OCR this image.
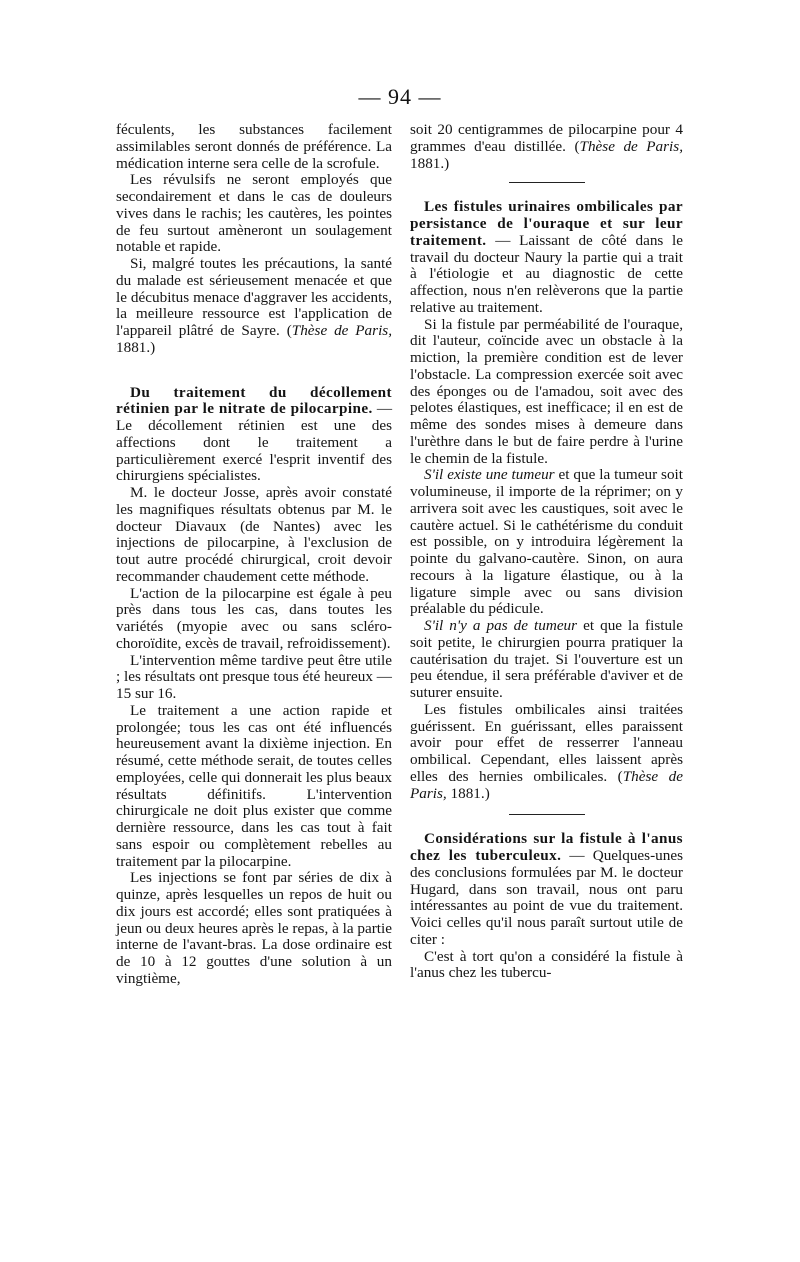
— 94 —

féculents, les substances facilement assimilables seront donnés de préférence. La médication interne sera celle de la scrofule.

Les révulsifs ne seront employés que secondairement et dans le cas de douleurs vives dans le rachis; les cautères, les pointes de feu surtout amèneront un soulagement notable et rapide.

Si, malgré toutes les précautions, la santé du malade est sérieusement menacée et que le décubitus menace d'aggraver les accidents, la meilleure ressource est l'application de l'appareil plâtré de Sayre. (Thèse de Paris, 1881.)

Du traitement du décollement rétinien par le nitrate de pilocarpine. — Le décollement rétinien est une des affections dont le traitement a particulièrement exercé l'esprit inventif des chirurgiens spécialistes.

M. le docteur Josse, après avoir constaté les magnifiques résultats obtenus par M. le docteur Diavaux (de Nantes) avec les injections de pilocarpine, à l'exclusion de tout autre procédé chirurgical, croit devoir recommander chaudement cette méthode.

L'action de la pilocarpine est égale à peu près dans tous les cas, dans toutes les variétés (myopie avec ou sans scléro-choroïdite, excès de travail, refroidissement).

L'intervention même tardive peut être utile ; les résultats ont presque tous été heureux — 15 sur 16.

Le traitement a une action rapide et prolongée; tous les cas ont été influencés heureusement avant la dixième injection. En résumé, cette méthode serait, de toutes celles employées, celle qui donnerait les plus beaux résultats définitifs. L'intervention chirurgicale ne doit plus exister que comme dernière ressource, dans les cas tout à fait sans espoir ou complètement rebelles au traitement par la pilocarpine.

Les injections se font par séries de dix à quinze, après lesquelles un repos de huit ou dix jours est accordé; elles sont pratiquées à jeun ou deux heures après le repas, à la partie interne de l'avant-bras. La dose ordinaire est de 10 à 12 gouttes d'une solution à un vingtième,

soit 20 centigrammes de pilocarpine pour 4 grammes d'eau distillée. (Thèse de Paris, 1881.)

Les fistules urinaires ombilicales par persistance de l'ouraque et sur leur traitement. — Laissant de côté dans le travail du docteur Naury la partie qui a trait à l'étiologie et au diagnostic de cette affection, nous n'en relèverons que la partie relative au traitement.

Si la fistule par perméabilité de l'ouraque, dit l'auteur, coïncide avec un obstacle à la miction, la première condition est de lever l'obstacle. La compression exercée soit avec des éponges ou de l'amadou, soit avec des pelotes élastiques, est inefficace; il en est de même des sondes mises à demeure dans l'urèthre dans le but de faire perdre à l'urine le chemin de la fistule.

S'il existe une tumeur et que la tumeur soit volumineuse, il importe de la réprimer; on y arrivera soit avec les caustiques, soit avec le cautère actuel. Si le cathétérisme du conduit est possible, on y introduira légèrement la pointe du galvano-cautère. Sinon, on aura recours à la ligature élastique, ou à la ligature simple avec ou sans division préalable du pédicule.

S'il n'y a pas de tumeur et que la fistule soit petite, le chirurgien pourra pratiquer la cautérisation du trajet. Si l'ouverture est un peu étendue, il sera préférable d'aviver et de suturer ensuite.

Les fistules ombilicales ainsi traitées guérissent. En guérissant, elles paraissent avoir pour effet de resserrer l'anneau ombilical. Cependant, elles laissent après elles des hernies ombilicales. (Thèse de Paris, 1881.)

Considérations sur la fistule à l'anus chez les tuberculeux. — Quelques-unes des conclusions formulées par M. le docteur Hugard, dans son travail, nous ont paru intéressantes au point de vue du traitement. Voici celles qu'il nous paraît surtout utile de citer :

C'est à tort qu'on a considéré la fistule à l'anus chez les tubercu-
